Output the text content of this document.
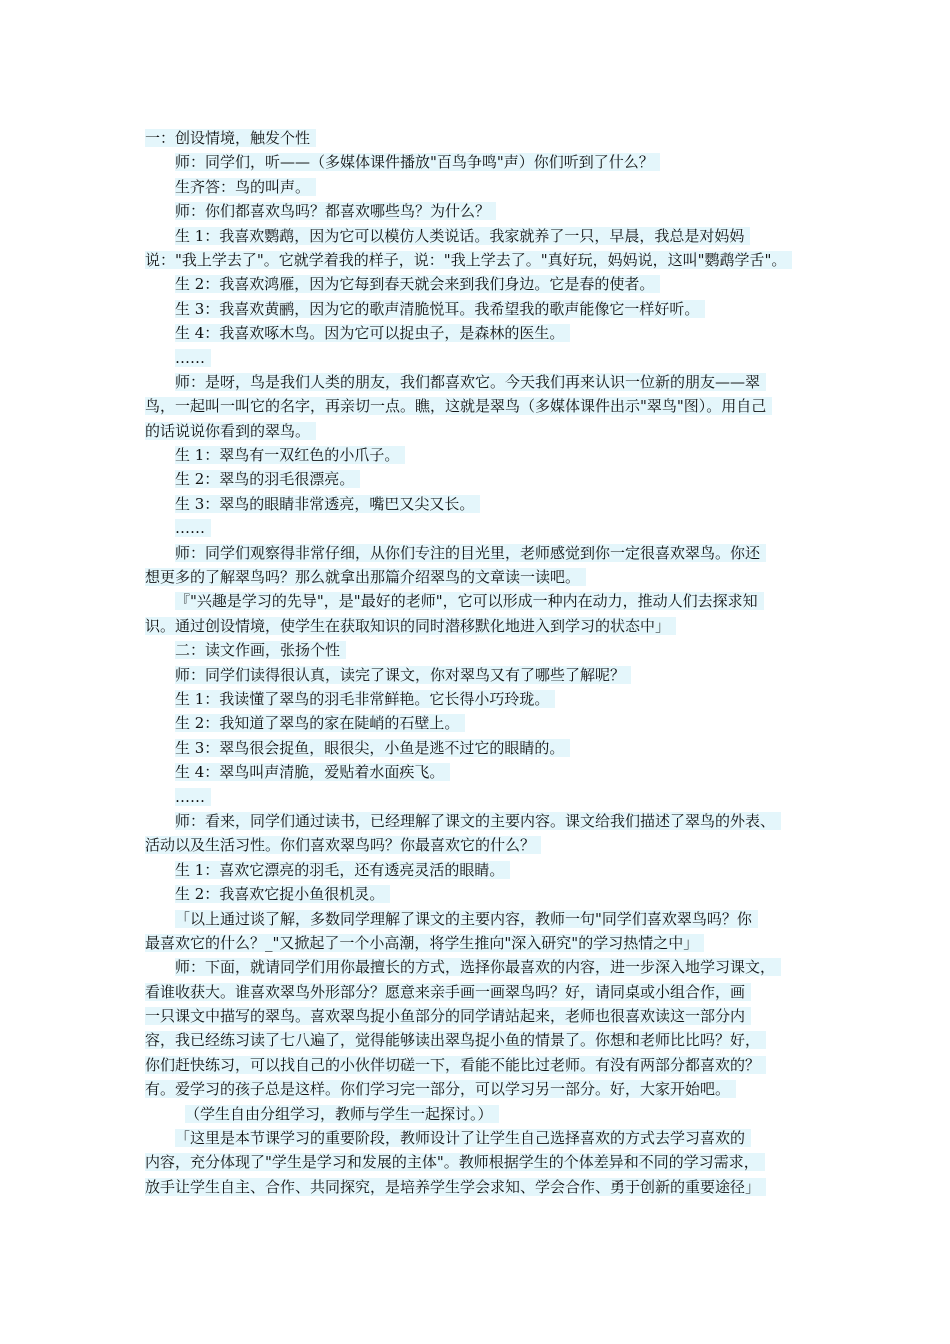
一：创设情境，触发个性
师：同学们，听——（多媒体课件播放"百鸟争鸣"声）你们听到了什么？
生齐答：鸟的叫声。
师：你们都喜欢鸟吗？都喜欢哪些鸟？为什么？
生 1：我喜欢鹦鹉，因为它可以模仿人类说话。我家就养了一只，早晨，我总是对妈妈
说："我上学去了"。它就学着我的样子，说："我上学去了。"真好玩，妈妈说，这叫"鹦鹉学舌"。
生 2：我喜欢鸿雁，因为它每到春天就会来到我们身边。它是春的使者。
生 3：我喜欢黄鹂，因为它的歌声清脆悦耳。我希望我的歌声能像它一样好听。
生 4：我喜欢啄木鸟。因为它可以捉虫子，是森林的医生。
……
师：是呀，鸟是我们人类的朋友，我们都喜欢它。今天我们再来认识一位新的朋友——翠
鸟，一起叫一叫它的名字，再亲切一点。瞧，这就是翠鸟（多媒体课件出示"翠鸟"图）。用自己
的话说说你看到的翠鸟。
生 1：翠鸟有一双红色的小爪子。
生 2：翠鸟的羽毛很漂亮。
生 3：翠鸟的眼睛非常透亮，嘴巴又尖又长。
……
师：同学们观察得非常仔细，从你们专注的目光里，老师感觉到你一定很喜欢翠鸟。你还
想更多的了解翠鸟吗？那么就拿出那篇介绍翠鸟的文章读一读吧。
『"兴趣是学习的先导"，是"最好的老师"，它可以形成一种内在动力，推动人们去探求知
识。通过创设情境，使学生在获取知识的同时潜移默化地进入到学习的状态中」
二：读文作画，张扬个性
师：同学们读得很认真，读完了课文，你对翠鸟又有了哪些了解呢？
生 1：我读懂了翠鸟的羽毛非常鲜艳。它长得小巧玲珑。
生 2：我知道了翠鸟的家在陡峭的石壁上。
生 3：翠鸟很会捉鱼，眼很尖，小鱼是逃不过它的眼睛的。
生 4：翠鸟叫声清脆，爱贴着水面疾飞。
……
师：看来，同学们通过读书，已经理解了课文的主要内容。课文给我们描述了翠鸟的外表、
活动以及生活习性。你们喜欢翠鸟吗？你最喜欢它的什么？
生 1：喜欢它漂亮的羽毛，还有透亮灵活的眼睛。
生 2：我喜欢它捉小鱼很机灵。
「以上通过谈了解，多数同学理解了课文的主要内容，教师一句"同学们喜欢翠鸟吗？你
最喜欢它的什么？_"又掀起了一个小高潮，将学生推向"深入研究"的学习热情之中」
师：下面，就请同学们用你最擅长的方式，选择你最喜欢的内容，进一步深入地学习课文，
看谁收获大。谁喜欢翠鸟外形部分？愿意来亲手画一画翠鸟吗？好，请同桌或小组合作，画
一只课文中描写的翠鸟。喜欢翠鸟捉小鱼部分的同学请站起来，老师也很喜欢读这一部分内
容，我已经练习读了七八遍了，觉得能够读出翠鸟捉小鱼的情景了。你想和老师比比吗？好，
你们赶快练习，可以找自己的小伙伴切磋一下，看能不能比过老师。有没有两部分都喜欢的？
有。爱学习的孩子总是这样。你们学习完一部分，可以学习另一部分。好，大家开始吧。
（学生自由分组学习，教师与学生一起探讨。）
「这里是本节课学习的重要阶段，教师设计了让学生自己选择喜欢的方式去学习喜欢的
内容，充分体现了"学生是学习和发展的主体"。教师根据学生的个体差异和不同的学习需求，
放手让学生自主、合作、共同探究，是培养学生学会求知、学会合作、勇于创新的重要途径」
